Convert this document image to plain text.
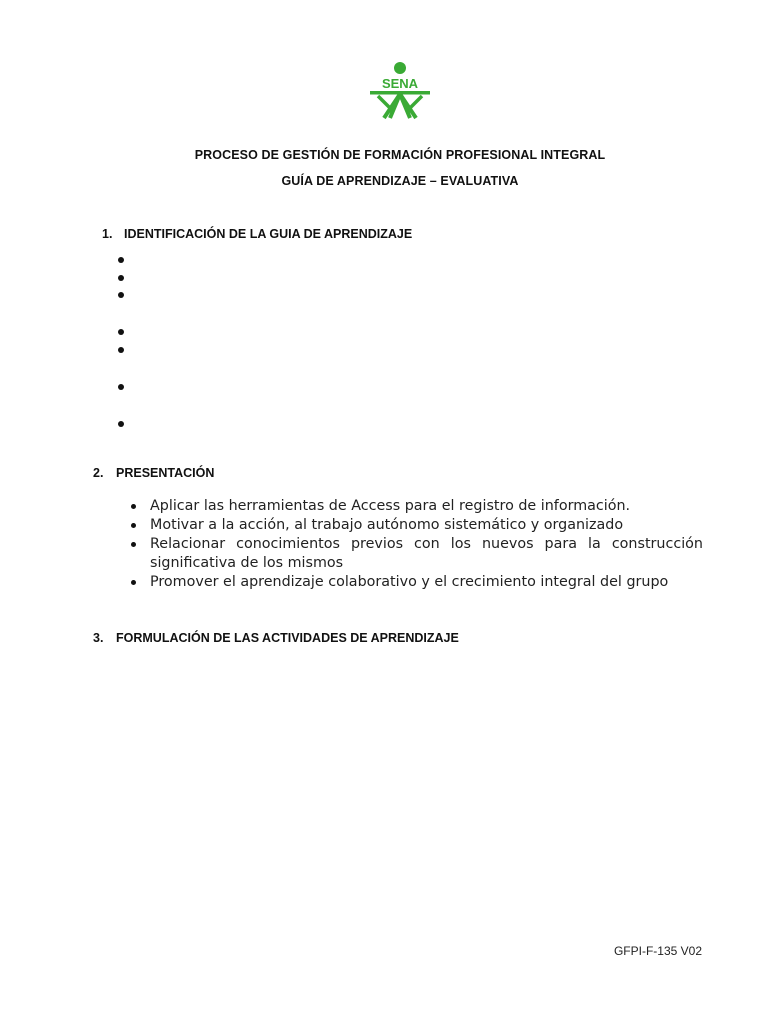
SENA
PROCESO DE GESTIÓN DE FORMACIÓN PROFESIONAL INTEGRAL
GUÍA DE APRENDIZAJE – EVALUATIVA
1. IDENTIFICACIÓN DE LA GUIA DE APRENDIZAJE
2. PRESENTACIÓN
Aplicar las herramientas de Access para el registro de información.
Motivar a la acción, al trabajo autónomo sistemático y organizado
Relacionar conocimientos previos con los nuevos para la construcción significativa de los mismos
Promover el aprendizaje colaborativo y el crecimiento integral del grupo
3. FORMULACIÓN DE LAS ACTIVIDADES DE APRENDIZAJE
GFPI-F-135 V02
